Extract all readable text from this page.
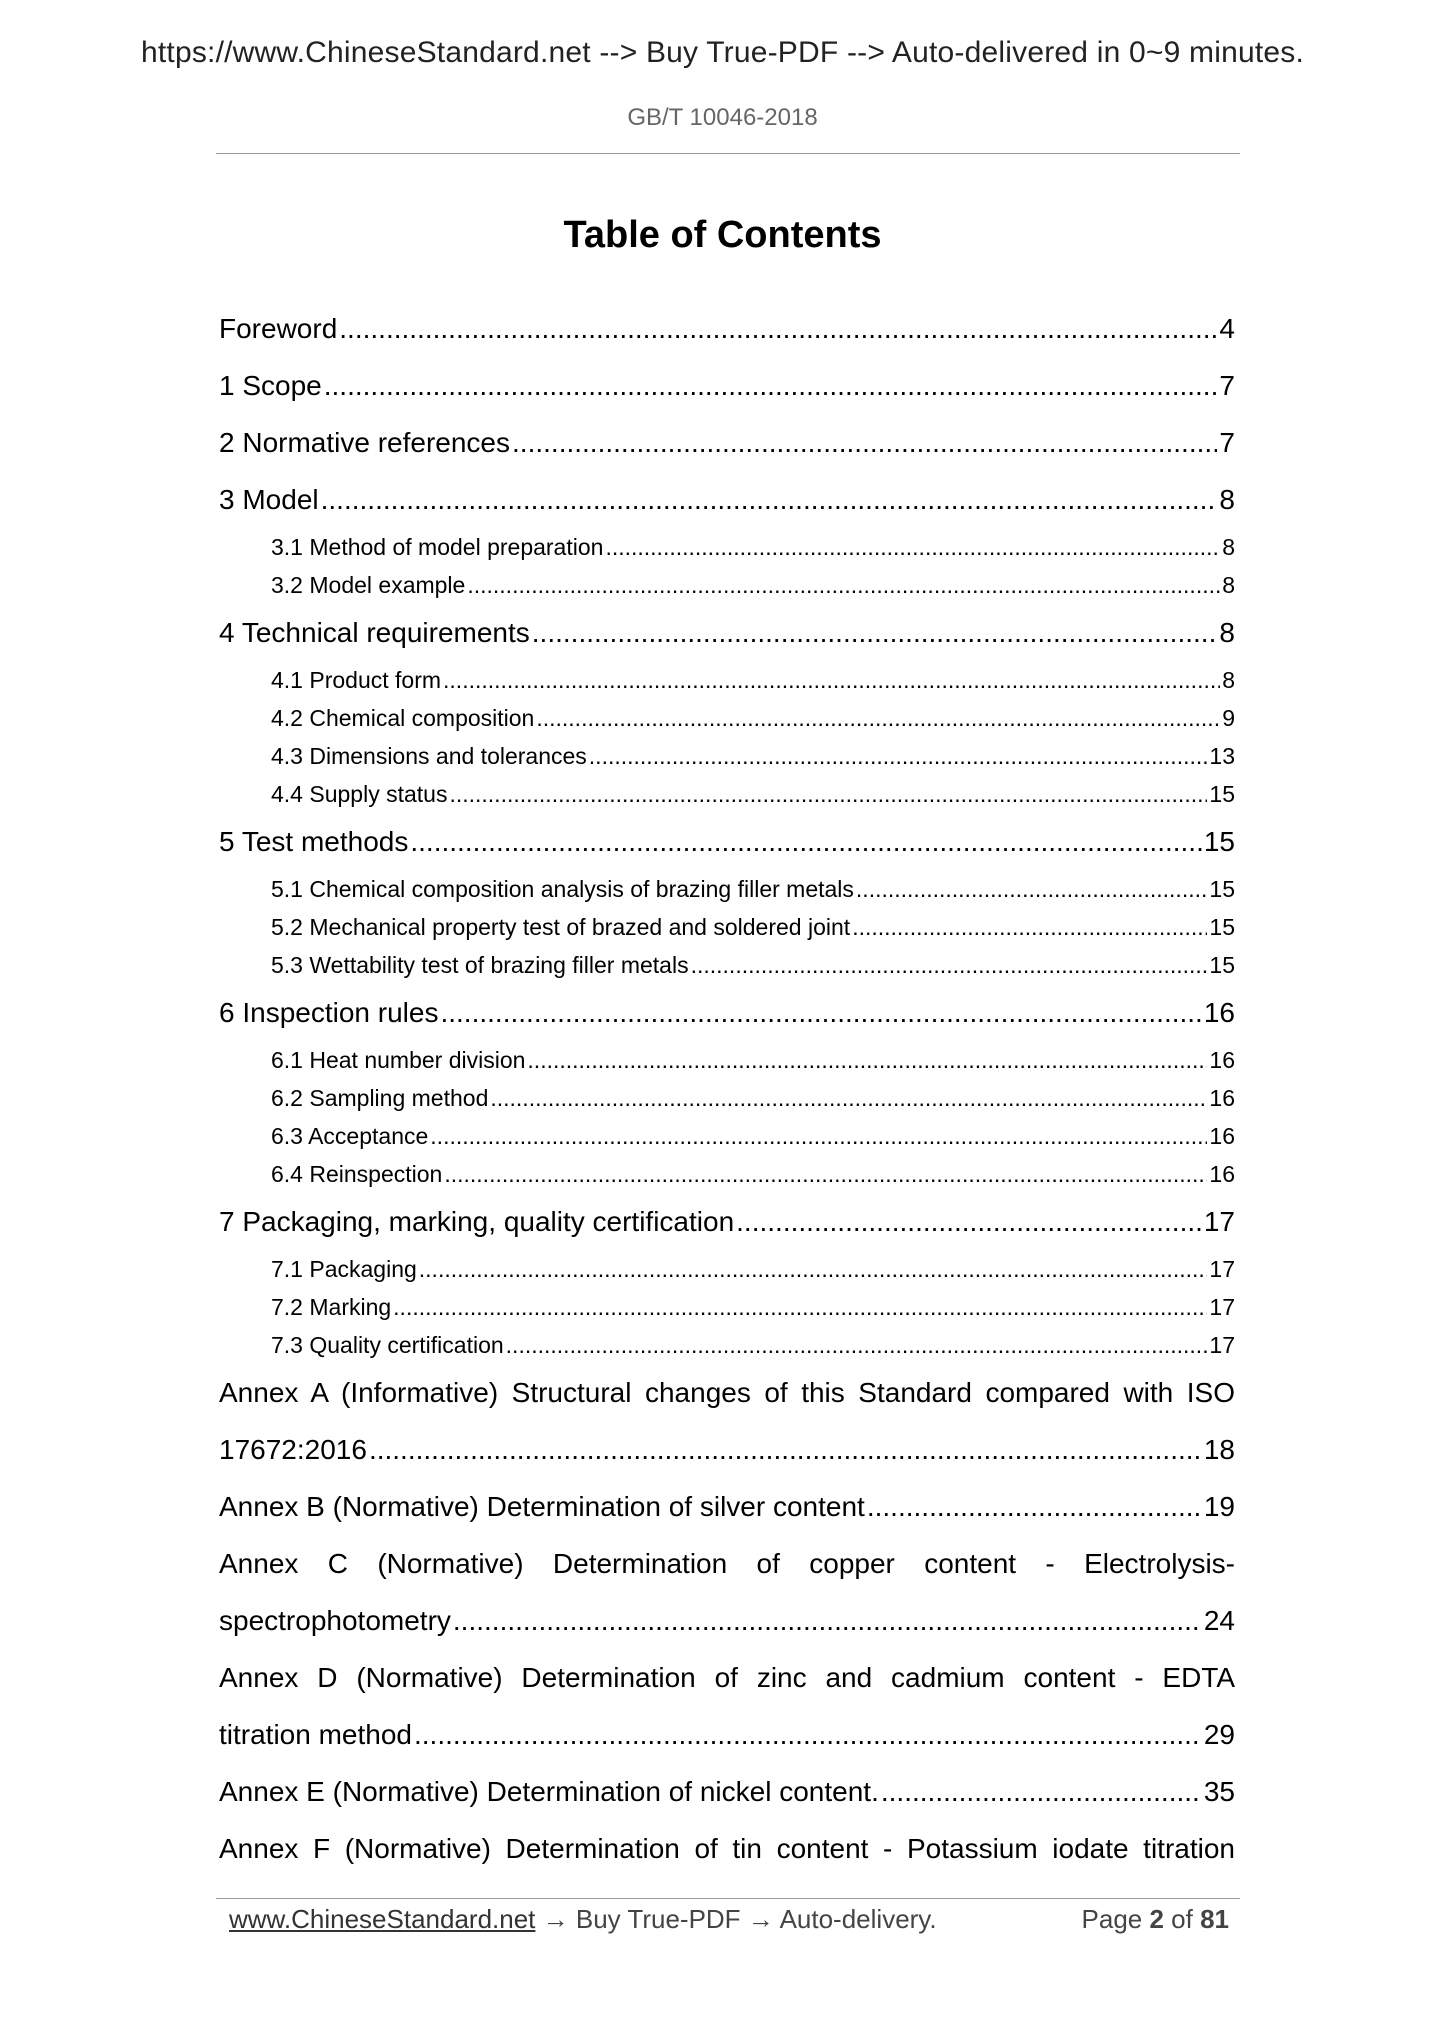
https://www.ChineseStandard.net --> Buy True-PDF --> Auto-delivered in 0~9 minutes.
GB/T 10046-2018
Table of Contents
Foreword .....	4
1 Scope .....	7
2 Normative references .....	7
3 Model .....	8
3.1 Method of model preparation .....	8
3.2 Model example .....	8
4 Technical requirements .....	8
4.1 Product form .....	8
4.2 Chemical composition .....	9
4.3 Dimensions and tolerances .....	13
4.4 Supply status .....	15
5 Test methods .....	15
5.1 Chemical composition analysis of brazing filler metals .....	15
5.2 Mechanical property test of brazed and soldered joint .....	15
5.3 Wettability test of brazing filler metals .....	15
6 Inspection rules .....	16
6.1 Heat number division .....	16
6.2 Sampling method .....	16
6.3 Acceptance .....	16
6.4 Reinspection .....	16
7 Packaging, marking, quality certification .....	17
7.1 Packaging .....	17
7.2 Marking .....	17
7.3 Quality certification .....	17
Annex A (Informative) Structural changes of this Standard compared with ISO
17672:2016 .....	18
Annex B (Normative) Determination of silver content .....	19
Annex C (Normative) Determination of copper content - Electrolysis-
spectrophotometry .....	24
Annex D (Normative) Determination of zinc and cadmium content - EDTA
titration method .....	29
Annex E (Normative) Determination of nickel content. .....	35
Annex F (Normative) Determination of tin content - Potassium iodate titration
www.ChineseStandard.net → Buy True-PDF → Auto-delivery.	Page 2 of 81
